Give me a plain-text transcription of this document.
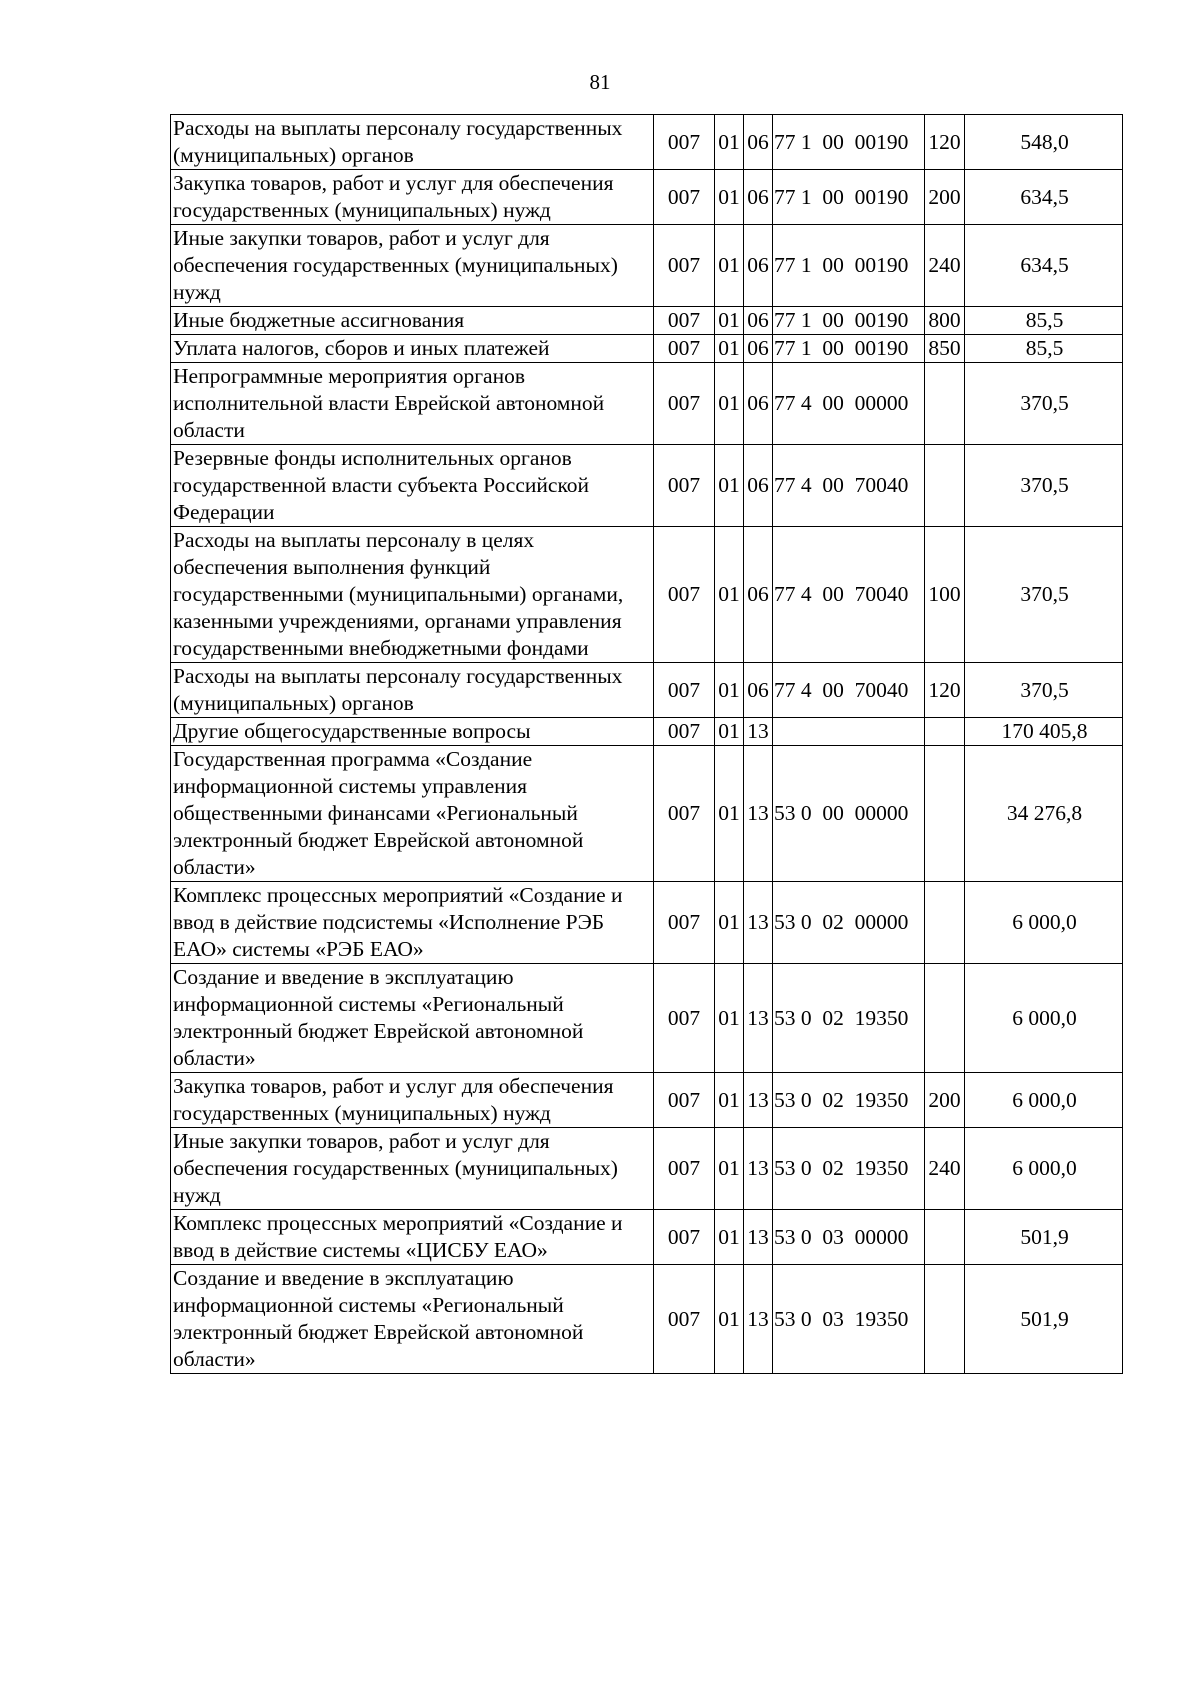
81
Расходы на выплаты персоналу государственных (муниципальных) органов	007	01	06	77 1  00  00190	120	548,0
Закупка товаров, работ и услуг для обеспечения государственных (муниципальных) нужд	007	01	06	77 1  00  00190	200	634,5
Иные закупки товаров, работ и услуг для обеспечения государственных (муниципальных) нужд	007	01	06	77 1  00  00190	240	634,5
Иные бюджетные ассигнования	007	01	06	77 1  00  00190	800	85,5
Уплата налогов, сборов и иных платежей	007	01	06	77 1  00  00190	850	85,5
Непрограммные мероприятия органов исполнительной власти Еврейской автономной области	007	01	06	77 4  00  00000		370,5
Резервные фонды исполнительных органов государственной власти субъекта Российской Федерации	007	01	06	77 4  00  70040		370,5
Расходы на выплаты персоналу в целях обеспечения выполнения функций государственными (муниципальными) органами, казенными учреждениями, органами управления государственными внебюджетными фондами	007	01	06	77 4  00  70040	100	370,5
Расходы на выплаты персоналу государственных (муниципальных) органов	007	01	06	77 4  00  70040	120	370,5
Другие общегосударственные вопросы	007	01	13			170 405,8
Государственная программа «Создание информационной системы управления общественными финансами «Региональный электронный бюджет Еврейской автономной области»	007	01	13	53 0  00  00000		34 276,8
Комплекс процессных мероприятий «Создание и ввод в действие подсистемы «Исполнение РЭБ ЕАО» системы «РЭБ ЕАО»	007	01	13	53 0  02  00000		6 000,0
Создание и введение в эксплуатацию информационной системы «Региональный электронный бюджет Еврейской автономной области»	007	01	13	53 0  02  19350		6 000,0
Закупка товаров, работ и услуг для обеспечения государственных (муниципальных) нужд	007	01	13	53 0  02  19350	200	6 000,0
Иные закупки товаров, работ и услуг для обеспечения государственных (муниципальных) нужд	007	01	13	53 0  02  19350	240	6 000,0
Комплекс процессных мероприятий «Создание и ввод в действие системы «ЦИСБУ ЕАО»	007	01	13	53 0  03  00000		501,9
Создание и введение в эксплуатацию информационной системы «Региональный электронный бюджет Еврейской автономной области»	007	01	13	53 0  03  19350		501,9
